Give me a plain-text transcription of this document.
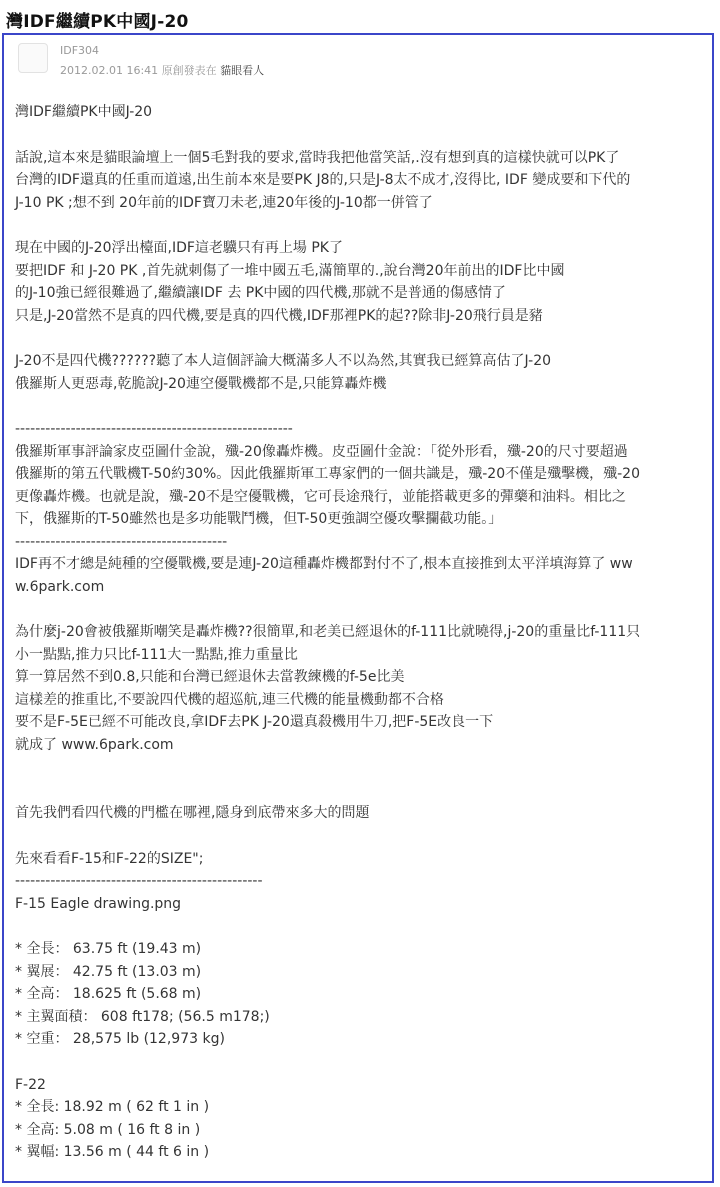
灣IDF繼續PK中國J-20
IDF304
2012.02.01 16:41 原創發表在 貓眼看人

灣IDF繼續PK中國J-20

話說,這本來是貓眼論壇上一個5毛對我的要求,當時我把他當笑話,.沒有想到真的這樣快就可以PK了
台灣的IDF還真的任重而道遠,出生前本來是要PK J8的,只是J-8太不成才,沒得比, IDF 變成要和下代的
J-10 PK ;想不到 20年前的IDF寶刀未老,連20年後的J-10都一併管了

現在中國的J-20浮出檯面,IDF這老驥只有再上場 PK了
要把IDF 和 J-20 PK ,首先就刺傷了一堆中國五毛,滿簡單的.,說台灣20年前出的IDF比中國
的J-10強已經很難過了,繼續讓IDF 去 PK中國的四代機,那就不是普通的傷感情了
只是,J-20當然不是真的四代機,要是真的四代機,IDF那裡PK的起??除非J-20飛行員是豬

J-20不是四代機??????聽了本人這個評論大概滿多人不以為然,其實我已經算高估了J-20
俄羅斯人更惡毒,乾脆說J-20連空優戰機都不是,只能算轟炸機

-------------------------------------------------------
俄羅斯軍事評論家皮亞圖什金說，殲-20像轟炸機。皮亞圖什金說：「從外形看，殲-20的尺寸要超過
俄羅斯的第五代戰機T-50約30%。因此俄羅斯軍工專家們的一個共識是，殲-20不僅是殲擊機，殲-20
更像轟炸機。也就是說，殲-20不是空優戰機，它可長途飛行，並能搭載更多的彈藥和油料。相比之
下，俄羅斯的T-50雖然也是多功能戰鬥機，但T-50更強調空優攻擊攔截功能。」
------------------------------------------
IDF再不才總是純種的空優戰機,要是連J-20這種轟炸機都對付不了,根本直接推到太平洋填海算了 ww
w.6park.com

為什麼j-20會被俄羅斯嘲笑是轟炸機??很簡單,和老美已經退休的f-111比就曉得,j-20的重量比f-111只
小一點點,推力只比f-111大一點點,推力重量比
算一算居然不到0.8,只能和台灣已經退休去當教練機的f-5e比美
這樣差的推重比,不要說四代機的超巡航,連三代機的能量機動都不合格
要不是F-5E已經不可能改良,拿IDF去PK J-20還真殺機用牛刀,把F-5E改良一下
就成了 www.6park.com

首先我們看四代機的門檻在哪裡,隱身到底帶來多大的問題

先來看看F-15和F-22的SIZE";
-------------------------------------------------
F-15 Eagle drawing.png

* 全長： 63.75 ft (19.43 m)
* 翼展： 42.75 ft (13.03 m)
* 全高： 18.625 ft (5.68 m)
* 主翼面積： 608 ft178; (56.5 m178;)
* 空重： 28,575 lb (12,973 kg)

F-22
* 全長: 18.92 m ( 62 ft 1 in )
* 全高: 5.08 m ( 16 ft 8 in )
* 翼幅: 13.56 m ( 44 ft 6 in )
